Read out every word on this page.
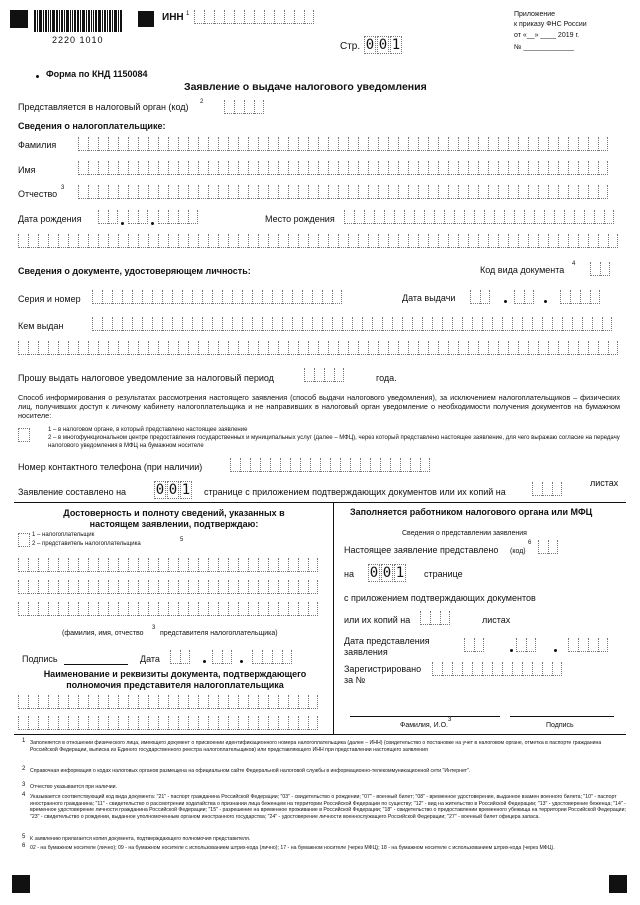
2220 1010
ИНН 1
Стр. 0 0 1
Приложение
к приказу ФНС России
от «__» ____ 2019 г.
№ _____________
Форма по КНД 1150084
Заявление о выдаче налогового уведомления
Представляется в налоговый орган (код) 2
Сведения о налогоплательщике:
Фамилия
Имя
Отчество
3
Дата рождения	Место рождения
Сведения о документе, удостоверяющем личность:	Код вида документа
4
Серия и номер	Дата выдачи
Кем выдан
Прошу выдать налоговое уведомление за налоговый период	года.
Способ информирования о результатах рассмотрения настоящего заявления (способ выдачи налогового уведомления), за исключением налогоплательщиков – физических лиц, получивших доступ к личному кабинету налогоплательщика и не направивших в налоговый орган уведомление о необходимости получения документов на бумажном носителе:
1 – в налоговом органе, в который представлено настоящее заявление
2 – в многофункциональном центре предоставления государственных и муниципальных услуг (далее – МФЦ), через который представлено настоящее заявление, для чего выражаю согласие на передачу налогового уведомления в МФЦ на бумажном носителе
Номер контактного телефона (при наличии)
Заявление составлено на 0 0 1 странице с приложением подтверждающих документов или их копий на
листах
Достоверность и полноту сведений, указанных в настоящем заявлении, подтверждаю:
1 – налогоплательщик
2 – представитель налогоплательщика
5
(фамилия, имя, отчество
3
представителя налогоплательщика)
Подпись	Дата
Наименование и реквизиты документа, подтверждающего полномочия представителя налогоплательщика
Заполняется работником налогового органа или МФЦ
Сведения о представлении заявления
Настоящее заявление представлено (код)
6
на 0 0 1 странице
с приложением подтверждающих документов
или их копий на	листах
Дата представления заявления
Зарегистрировано за №
Фамилия, И.О.
3
Подпись
1 Заполняется в отношении физического лица, имеющего документ о присвоении идентификационного номера налогоплательщика (далее – ИНН) (свидетельство о постановке на учет в налоговом органе, отметка в паспорте гражданина Российской Федерации, выписка из Единого государственного реестра налогоплательщиков) или представляющего ИНН при представлении настоящего заявления
2 Справочная информация о кодах налоговых органов размещена на официальном сайте Федеральной налоговой службы в информационно-телекоммуникационной сети "Интернет".
3 Отчество указывается при наличии.
4 Указывается соответствующий код вида документа: "21" - паспорт гражданина Российской Федерации; "03" - свидетельство о рождении; "07" - военный билет; "08" - временное удостоверение, выданное взамен военного билета; "10" - паспорт иностранного гражданина; "11" - свидетельство о рассмотрении ходатайства о признании лица беженцем на территории Российской Федерации по существу; "12" - вид на жительство в Российской Федерации; "13" - удостоверение беженца; "14" - временное удостоверение личности гражданина Российской Федерации; "15" - разрешение на временное проживание в Российской Федерации; "18" - свидетельство о предоставлении временного убежища на территории Российской Федерации; "23" - свидетельство о рождении, выданное уполномоченным органом иностранного государства; "24" - удостоверение личности военнослужащего Российской Федерации; "27" - военный билет офицера запаса.
5 К заявлению прилагается копия документа, подтверждающего полномочия представителя.
6 02 - на бумажном носителе (лично); 09 - на бумажном носителе с использованием штрих-кода (лично); 17 - на бумажном носителе (через МФЦ); 18 - на бумажном носителе с использованием штрих-кода (через МФЦ).
